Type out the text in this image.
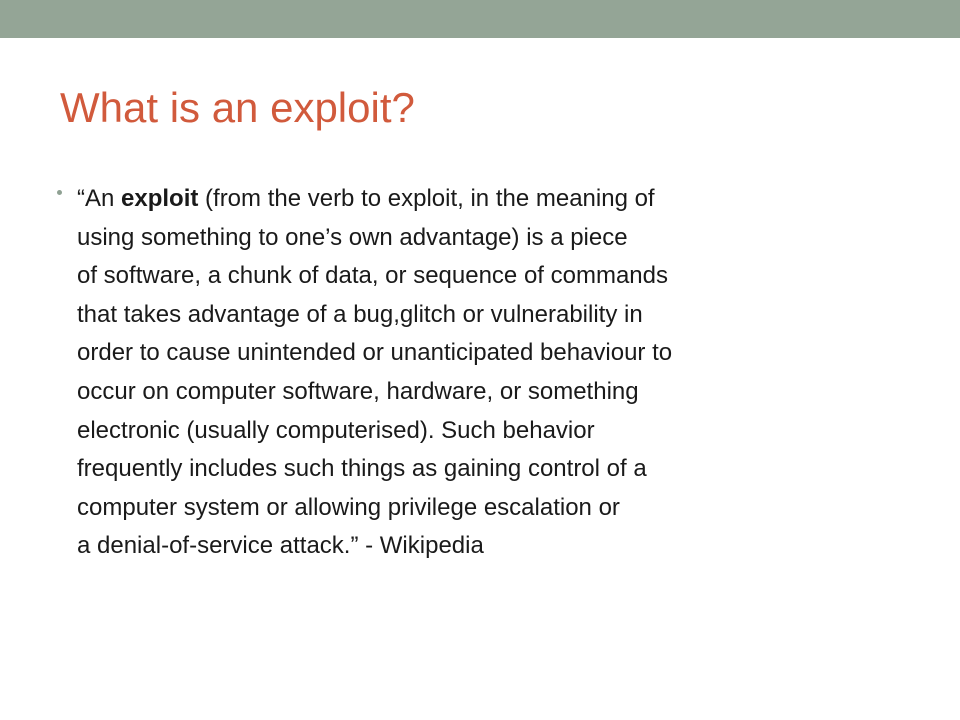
What is an exploit?

“An exploit (from the verb to exploit, in the meaning of
using something to one’s own advantage) is a piece
of software, a chunk of data, or sequence of commands
that takes advantage of a bug,glitch or vulnerability in
order to cause unintended or unanticipated behaviour to
occur on computer software, hardware, or something
electronic (usually computerised). Such behavior
frequently includes such things as gaining control of a
computer system or allowing privilege escalation or
a denial-of-service attack.” - Wikipedia
